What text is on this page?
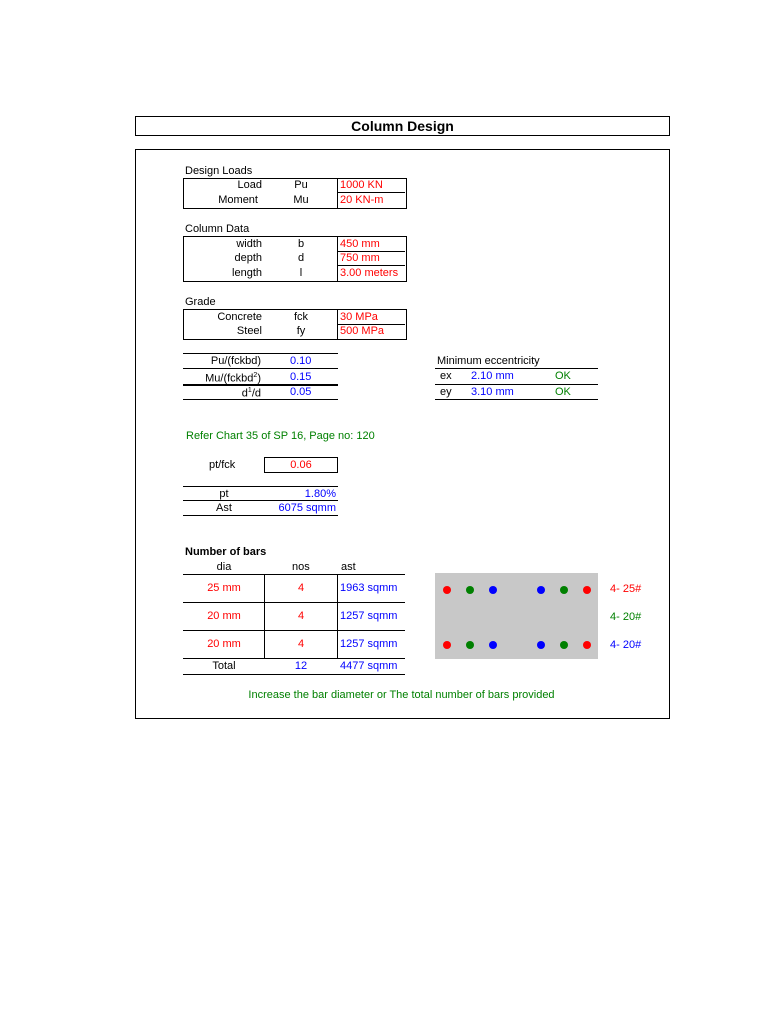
Column Design
Design Loads
Load	Pu	1000 KN
Moment	Mu	20 KN-m
Column Data
width	b	450 mm
depth	d	750 mm
length	l	3.00 meters
Grade
Concrete	fck	30 MPa
Steel	fy	500 MPa
Pu/(fckbd)	0.10
Mu/(fckbd$^2$)	0.15
$d^1/d$	0.05
Minimum eccentricity
ex 2.10 mm	OK
ey 3.10 mm	OK
Refer Chart 35 of SP 16, Page no: 120
pt/fck	0.06
pt	1.80%
Ast	6075 sqmm
Number of bars
dia	nos	ast
25 mm	4	1963 sqmm
20 mm	4	1257 sqmm
20 mm	4	1257 sqmm
Total	12	4477 sqmm
4- 25#
4- 20#
4- 20#
Increase the bar diameter or The total number of bars provided
